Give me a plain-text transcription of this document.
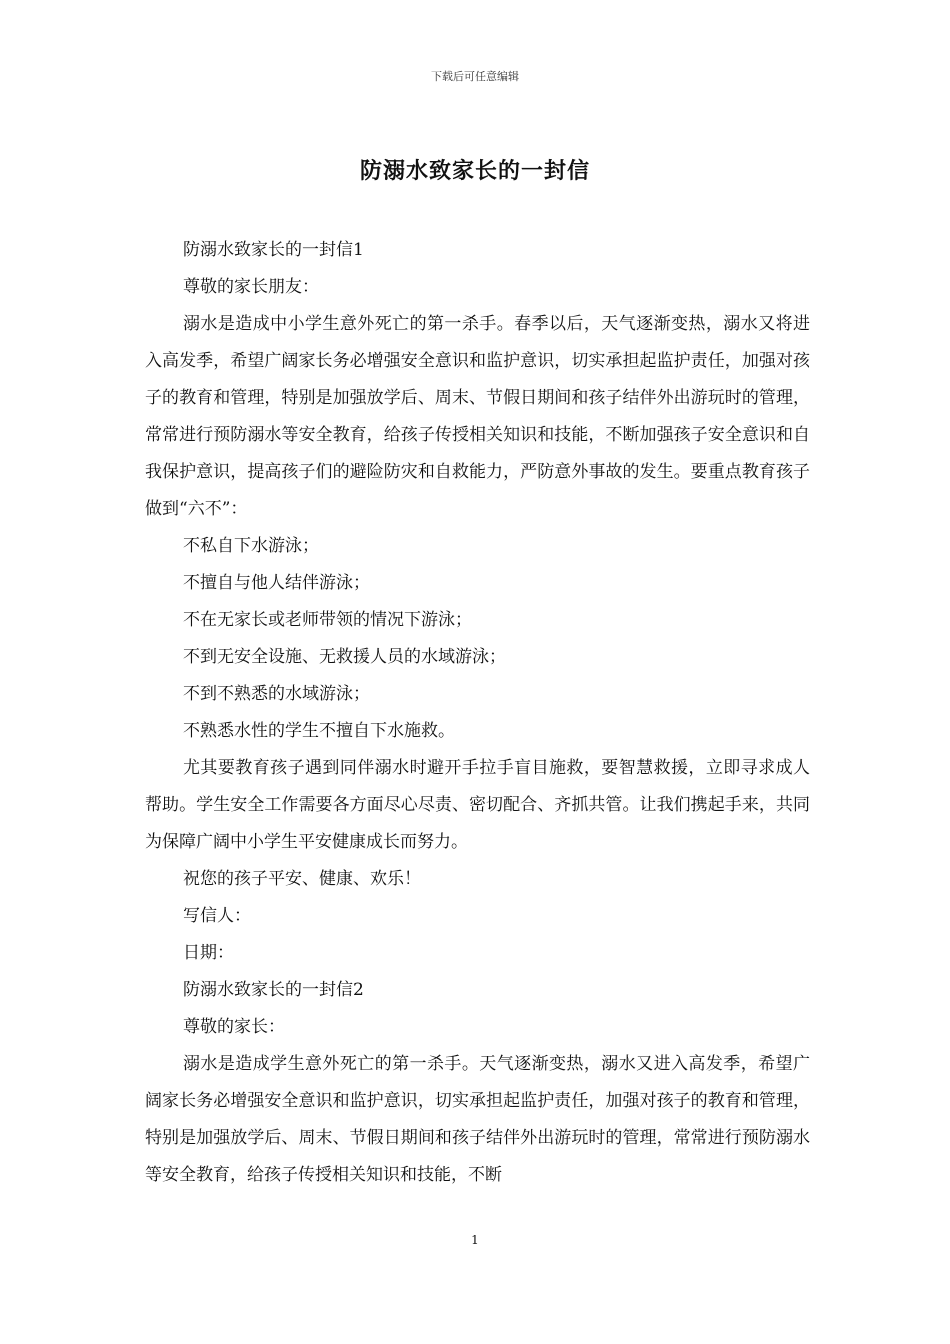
下载后可任意编辑
防溺水致家长的一封信

防溺水致家长的一封信1

尊敬的家长朋友：

溺水是造成中小学生意外死亡的第一杀手。春季以后，天气逐渐变热，溺水又将进入高发季，希望广阔家长务必增强安全意识和监护意识，切实承担起监护责任，加强对孩子的教育和管理，特别是加强放学后、周末、节假日期间和孩子结伴外出游玩时的管理，常常进行预防溺水等安全教育，给孩子传授相关知识和技能，不断加强孩子安全意识和自我保护意识，提高孩子们的避险防灾和自救能力，严防意外事故的发生。要重点教育孩子做到“六不”：

不私自下水游泳；

不擅自与他人结伴游泳；

不在无家长或老师带领的情况下游泳；

不到无安全设施、无救援人员的水域游泳；

不到不熟悉的水域游泳；

不熟悉水性的学生不擅自下水施救。

尤其要教育孩子遇到同伴溺水时避开手拉手盲目施救，要智慧救援，立即寻求成人帮助。学生安全工作需要各方面尽心尽责、密切配合、齐抓共管。让我们携起手来，共同为保障广阔中小学生平安健康成长而努力。

祝您的孩子平安、健康、欢乐！

写信人：

日期：

防溺水致家长的一封信2

尊敬的家长：

溺水是造成学生意外死亡的第一杀手。天气逐渐变热，溺水又进入高发季，希望广阔家长务必增强安全意识和监护意识，切实承担起监护责任，加强对孩子的教育和管理，特别是加强放学后、周末、节假日期间和孩子结伴外出游玩时的管理，常常进行预防溺水等安全教育，给孩子传授相关知识和技能，不断

1
